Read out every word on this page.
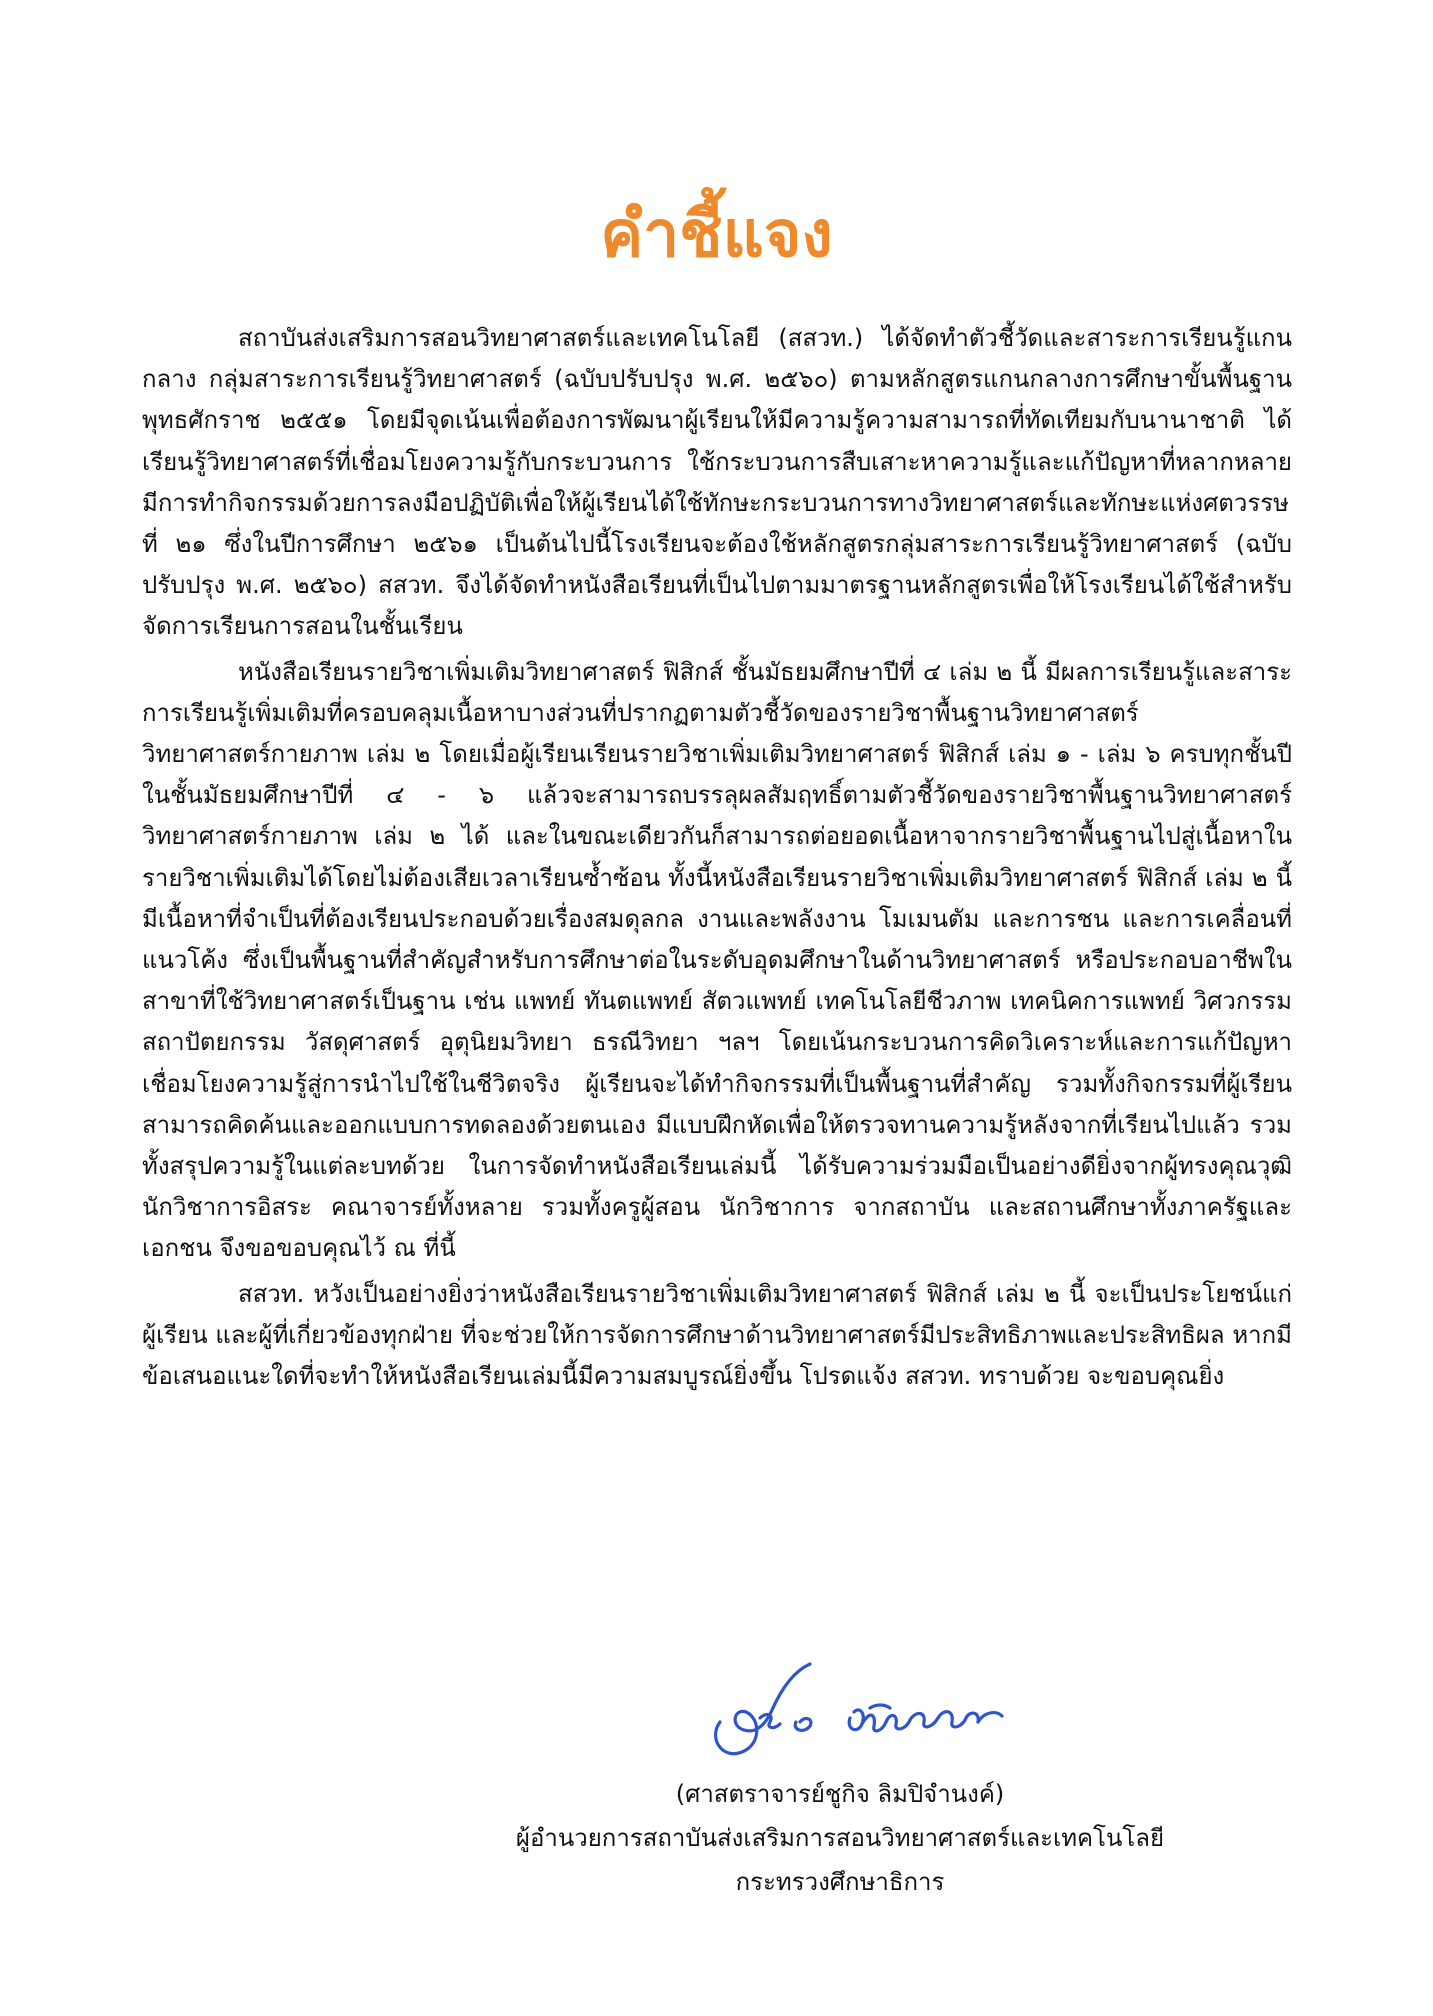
คำชี้แจง

สถาบันส่งเสริมการสอนวิทยาศาสตร์และเทคโนโลยี (สสวท.) ได้จัดทำตัวชี้วัดและสาระการเรียนรู้แกนกลาง กลุ่มสาระการเรียนรู้วิทยาศาสตร์ (ฉบับปรับปรุง พ.ศ. ๒๕๖๐) ตามหลักสูตรแกนกลางการศึกษาขั้นพื้นฐาน พุทธศักราช ๒๕๕๑ โดยมีจุดเน้นเพื่อต้องการพัฒนาผู้เรียนให้มีความรู้ความสามารถที่ทัดเทียมกับนานาชาติ ได้เรียนรู้วิทยาศาสตร์ที่เชื่อมโยงความรู้กับกระบวนการ ใช้กระบวนการสืบเสาะหาความรู้และแก้ปัญหาที่หลากหลาย มีการทำกิจกรรมด้วยการลงมือปฏิบัติเพื่อให้ผู้เรียนได้ใช้ทักษะกระบวนการทางวิทยาศาสตร์และทักษะแห่งศตวรรษที่ ๒๑ ซึ่งในปีการศึกษา ๒๕๖๑ เป็นต้นไปนี้โรงเรียนจะต้องใช้หลักสูตรกลุ่มสาระการเรียนรู้วิทยาศาสตร์ (ฉบับปรับปรุง พ.ศ. ๒๕๖๐) สสวท. จึงได้จัดทำหนังสือเรียนที่เป็นไปตามมาตรฐานหลักสูตรเพื่อให้โรงเรียนได้ใช้สำหรับจัดการเรียนการสอนในชั้นเรียน

หนังสือเรียนรายวิชาเพิ่มเติมวิทยาศาสตร์ ฟิสิกส์ ชั้นมัธยมศึกษาปีที่ ๔ เล่ม ๒ นี้ มีผลการเรียนรู้และสาระการเรียนรู้เพิ่มเติมที่ครอบคลุมเนื้อหาบางส่วนที่ปรากฏตามตัวชี้วัดของรายวิชาพื้นฐานวิทยาศาสตร์ วิทยาศาสตร์กายภาพ เล่ม ๒ โดยเมื่อผู้เรียนเรียนรายวิชาเพิ่มเติมวิทยาศาสตร์ ฟิสิกส์ เล่ม ๑ - เล่ม ๖ ครบทุกชั้นปีในชั้นมัธยมศึกษาปีที่ ๔ - ๖ แล้วจะสามารถบรรลุผลสัมฤทธิ์ตามตัวชี้วัดของรายวิชาพื้นฐานวิทยาศาสตร์ วิทยาศาสตร์กายภาพ เล่ม ๒ ได้ และในขณะเดียวกันก็สามารถต่อยอดเนื้อหาจากรายวิชาพื้นฐานไปสู่เนื้อหาในรายวิชาเพิ่มเติมได้โดยไม่ต้องเสียเวลาเรียนซ้ำซ้อน ทั้งนี้หนังสือเรียนรายวิชาเพิ่มเติมวิทยาศาสตร์ ฟิสิกส์ เล่ม ๒ นี้ มีเนื้อหาที่จำเป็นที่ต้องเรียนประกอบด้วยเรื่องสมดุลกล งานและพลังงาน โมเมนตัม และการชน และการเคลื่อนที่แนวโค้ง ซึ่งเป็นพื้นฐานที่สำคัญสำหรับการศึกษาต่อในระดับอุดมศึกษาในด้านวิทยาศาสตร์ หรือประกอบอาชีพในสาขาที่ใช้วิทยาศาสตร์เป็นฐาน เช่น แพทย์ ทันตแพทย์ สัตวแพทย์ เทคโนโลยีชีวภาพ เทคนิคการแพทย์ วิศวกรรม สถาปัตยกรรม วัสดุศาสตร์ อุตุนิยมวิทยา ธรณีวิทยา ฯลฯ โดยเน้นกระบวนการคิดวิเคราะห์และการแก้ปัญหา เชื่อมโยงความรู้สู่การนำไปใช้ในชีวิตจริง ผู้เรียนจะได้ทำกิจกรรมที่เป็นพื้นฐานที่สำคัญ รวมทั้งกิจกรรมที่ผู้เรียนสามารถคิดค้นและออกแบบการทดลองด้วยตนเอง มีแบบฝึกหัดเพื่อให้ตรวจทานความรู้หลังจากที่เรียนไปแล้ว รวมทั้งสรุปความรู้ในแต่ละบทด้วย ในการจัดทำหนังสือเรียนเล่มนี้ ได้รับความร่วมมือเป็นอย่างดียิ่งจากผู้ทรงคุณวุฒิ นักวิชาการอิสระ คณาจารย์ทั้งหลาย รวมทั้งครูผู้สอน นักวิชาการ จากสถาบัน และสถานศึกษาทั้งภาครัฐและเอกชน จึงขอขอบคุณไว้ ณ ที่นี้

สสวท. หวังเป็นอย่างยิ่งว่าหนังสือเรียนรายวิชาเพิ่มเติมวิทยาศาสตร์ ฟิสิกส์ เล่ม ๒ นี้ จะเป็นประโยชน์แก่ผู้เรียน และผู้ที่เกี่ยวข้องทุกฝ่าย ที่จะช่วยให้การจัดการศึกษาด้านวิทยาศาสตร์มีประสิทธิภาพและประสิทธิผล หากมีข้อเสนอแนะใดที่จะทำให้หนังสือเรียนเล่มนี้มีความสมบูรณ์ยิ่งขึ้น โปรดแจ้ง สสวท. ทราบด้วย จะขอบคุณยิ่ง

(ศาสตราจารย์ชูกิจ ลิมปิจำนงค์)
ผู้อำนวยการสถาบันส่งเสริมการสอนวิทยาศาสตร์และเทคโนโลยี
กระทรวงศึกษาธิการ
